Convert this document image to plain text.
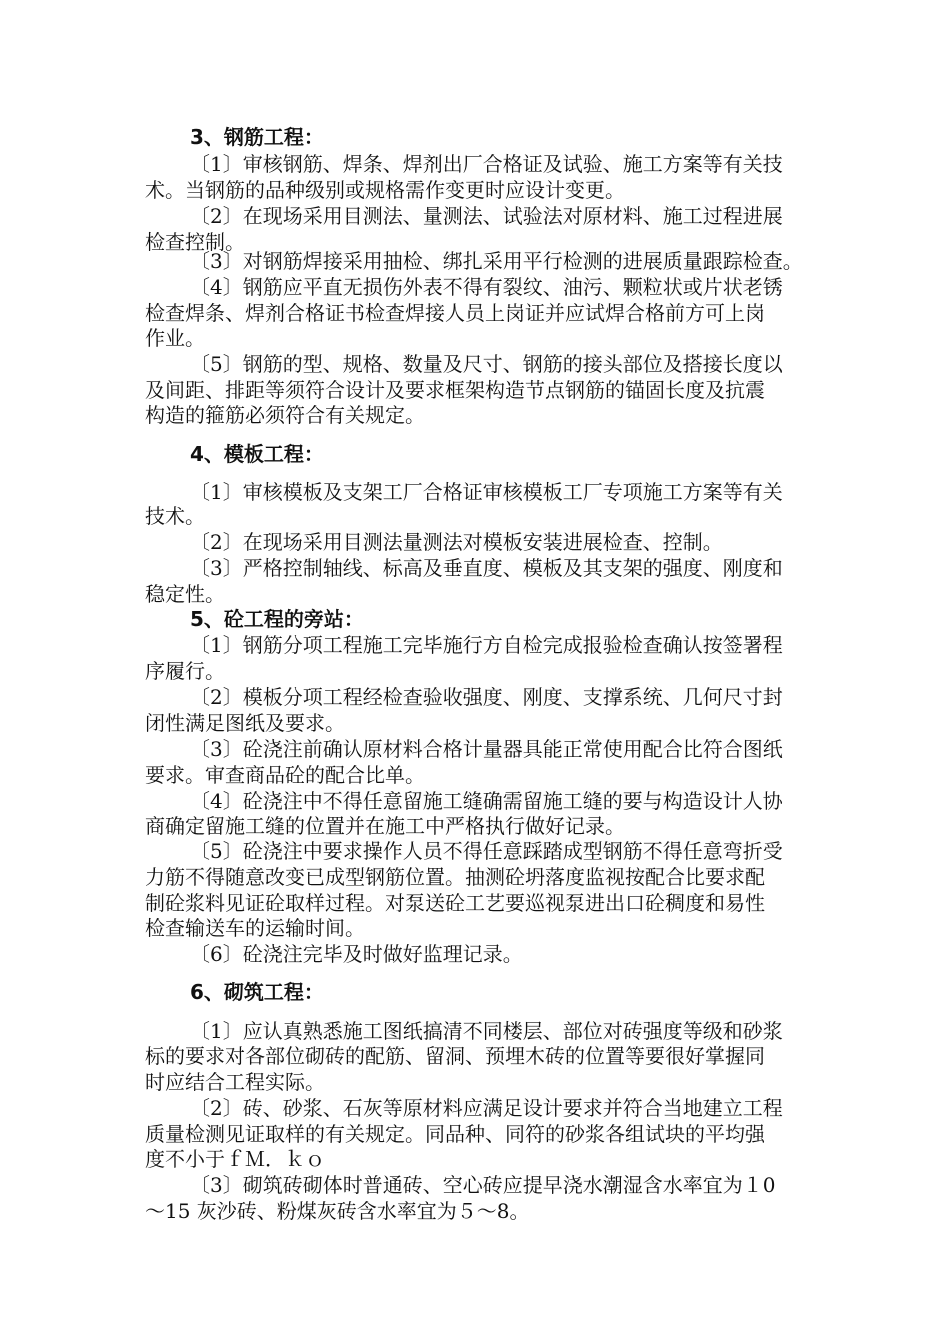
3、钢筋工程：
〔1〕审核钢筋、焊条、焊剂出厂合格证及试验、施工方案等有关技
术。当钢筋的品种级别或规格需作变更时应设计变更。
〔2〕在现场采用目测法、量测法、试验法对原材料、施工过程进展
检查控制。
〔3〕对钢筋焊接采用抽检、绑扎采用平行检测的进展质量跟踪检查。
〔4〕钢筋应平直无损伤外表不得有裂纹、油污、颗粒状或片状老锈
检查焊条、焊剂合格证书检查焊接人员上岗证并应试焊合格前方可上岗
作业。
〔5〕钢筋的型、规格、数量及尺寸、钢筋的接头部位及搭接长度以
及间距、排距等须符合设计及要求框架构造节点钢筋的锚固长度及抗震
构造的箍筋必须符合有关规定。
4、模板工程：
〔1〕审核模板及支架工厂合格证审核模板工厂专项施工方案等有关
技术。
〔2〕在现场采用目测法量测法对模板安装进展检查、控制。
〔3〕严格控制轴线、标高及垂直度、模板及其支架的强度、刚度和
稳定性。
5、砼工程的旁站：
〔1〕钢筋分项工程施工完毕施行方自检完成报验检查确认按签署程
序履行。
〔2〕模板分项工程经检查验收强度、刚度、支撑系统、几何尺寸封
闭性满足图纸及要求。
〔3〕砼浇注前确认原材料合格计量器具能正常使用配合比符合图纸
要求。审查商品砼的配合比单。
〔4〕砼浇注中不得任意留施工缝确需留施工缝的要与构造设计人协
商确定留施工缝的位置并在施工中严格执行做好记录。
〔5〕砼浇注中要求操作人员不得任意踩踏成型钢筋不得任意弯折受
力筋不得随意改变已成型钢筋位置。抽测砼坍落度监视按配合比要求配
制砼浆料见证砼取样过程。对泵送砼工艺要巡视泵进出口砼稠度和易性
检查输送车的运输时间。
〔6〕砼浇注完毕及时做好监理记录。
6、砌筑工程：
〔1〕应认真熟悉施工图纸搞清不同楼层、部位对砖强度等级和砂浆
标的要求对各部位砌砖的配筋、留洞、预埋木砖的位置等要很好掌握同
时应结合工程实际。
〔2〕砖、砂浆、石灰等原材料应满足设计要求并符合当地建立工程
质量检测见证取样的有关规定。同品种、同符的砂浆各组试块的平均强
度不小于ｆＭ．ｋｏ
〔3〕砌筑砖砌体时普通砖、空心砖应提早浇水潮湿含水率宜为１0
～15 灰沙砖、粉煤灰砖含水率宜为５～8。
